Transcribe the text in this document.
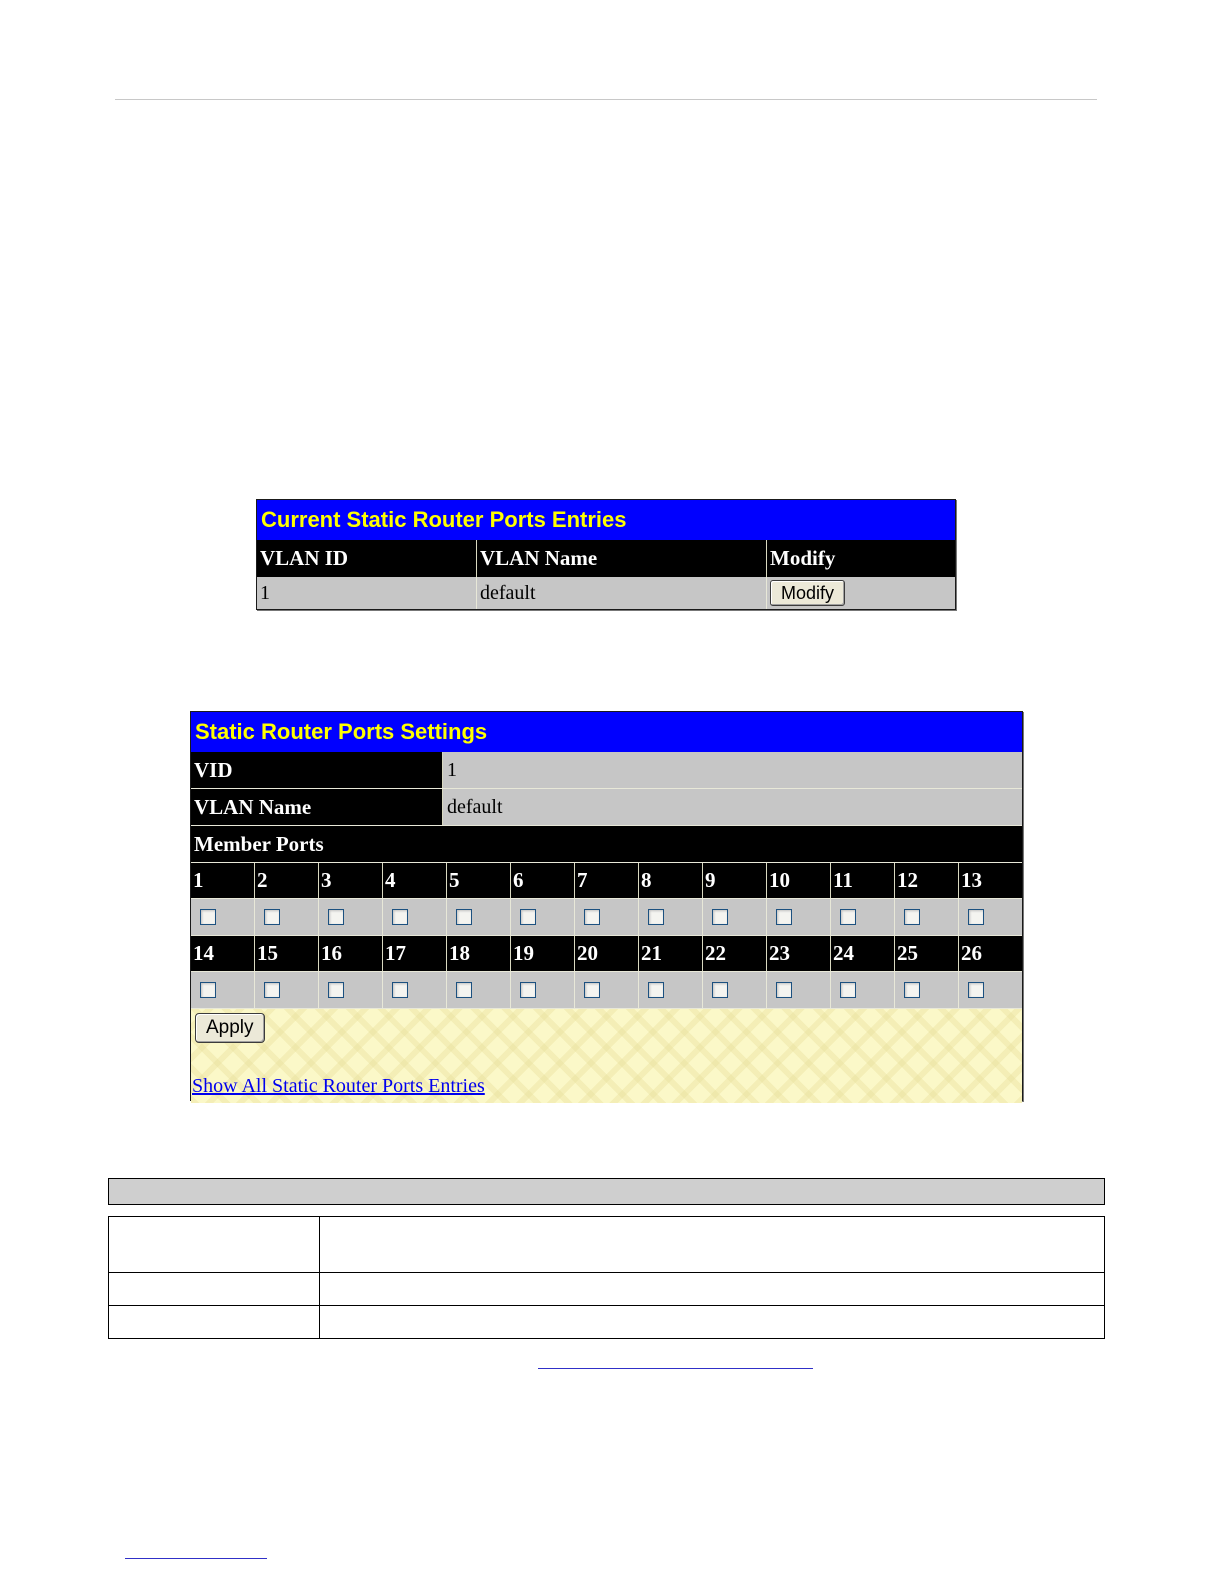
Current Static Router Ports Entries
VLAN ID	VLAN Name	Modify
1	default	Modify
Static Router Ports Settings
VID	1
VLAN Name	default
Member Ports
1	2	3	4	5	6	7	8	9	10	11	12	13
14	15	16	17	18	19	20	21	22	23	24	25	26
Apply
Show All Static Router Ports Entries
